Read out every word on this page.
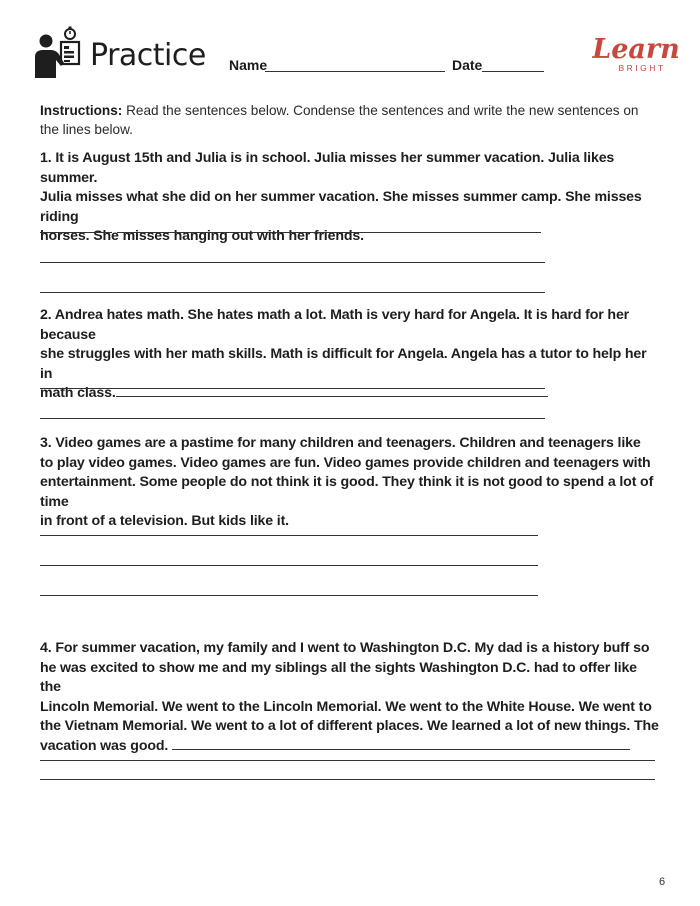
Practice Name	Date	Learn
BRIGHT
Instructions: Read the sentences below. Condense the sentences and write the new sentences on the lines below.
1. It is August 15th and Julia is in school. Julia misses her summer vacation. Julia likes summer.
Julia misses what she did on her summer vacation. She misses summer camp. She misses riding
horses. She misses hanging out with her friends.
2. Andrea hates math. She hates math a lot. Math is very hard for Angela. It is hard for her because
she struggles with her math skills. Math is difficult for Angela. Angela has a tutor to help her in
math class.
3. Video games are a pastime for many children and teenagers. Children and teenagers like
to play video games. Video games are fun. Video games provide children and teenagers with
entertainment. Some people do not think it is good. They think it is not good to spend a lot of time
in front of a television. But kids like it.
4. For summer vacation, my family and I went to Washington D.C. My dad is a history buff so
he was excited to show me and my siblings all the sights Washington D.C. had to offer like the
Lincoln Memorial. We went to the Lincoln Memorial. We went to the White House. We went to
the Vietnam Memorial. We went to a lot of different places. We learned a lot of new things. The
vacation was good.
6
